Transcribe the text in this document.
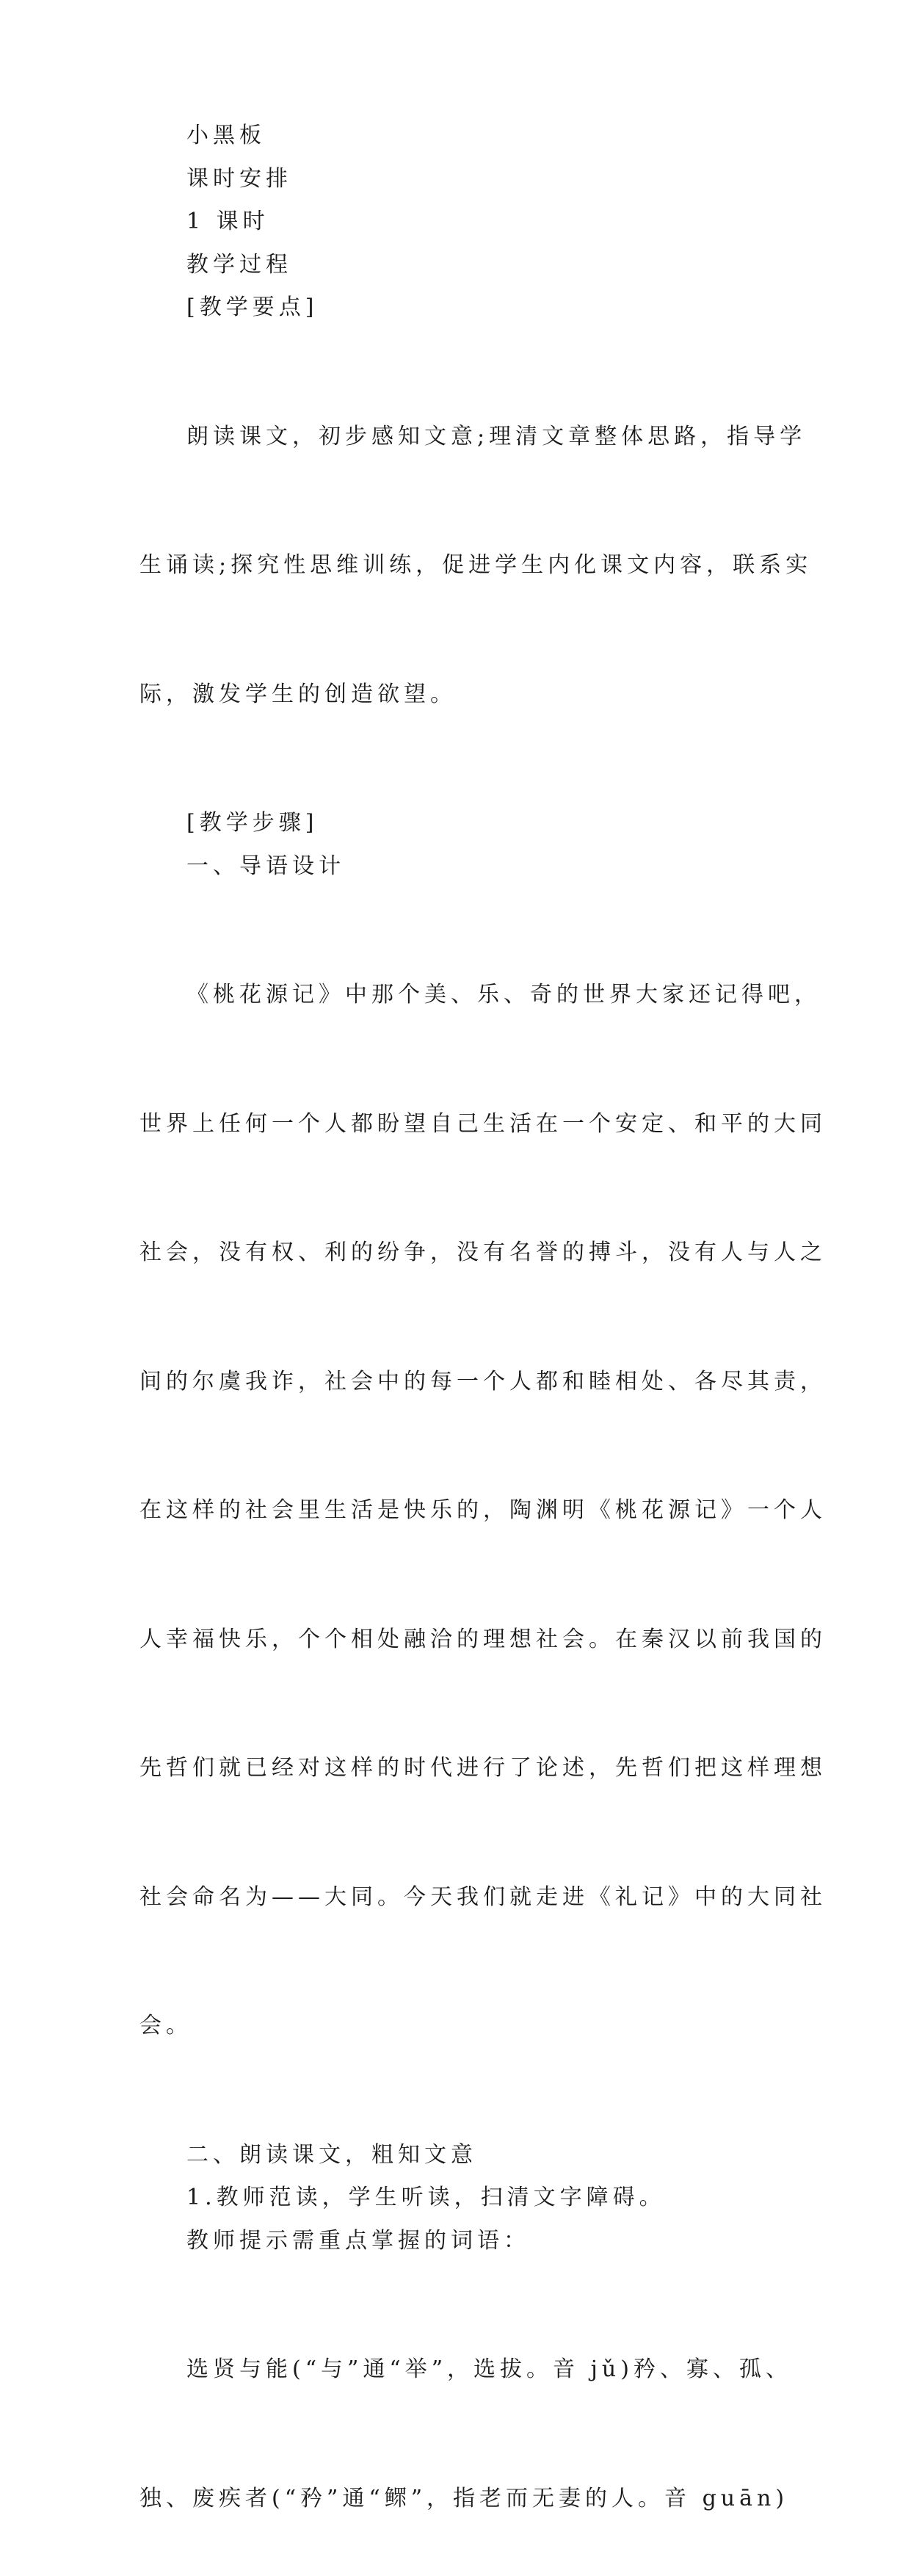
小黑板

课时安排

1 课时

教学过程

[教学要点]

朗读课文，初步感知文意;理清文章整体思路，指导学

生诵读;探究性思维训练，促进学生内化课文内容，联系实

际，激发学生的创造欲望。

[教学步骤]

一、导语设计

《桃花源记》中那个美、乐、奇的世界大家还记得吧，

世界上任何一个人都盼望自己生活在一个安定、和平的大同

社会，没有权、利的纷争，没有名誉的搏斗，没有人与人之

间的尔虞我诈，社会中的每一个人都和睦相处、各尽其责，

在这样的社会里生活是快乐的，陶渊明《桃花源记》一个人

人幸福快乐，个个相处融洽的理想社会。在秦汉以前我国的

先哲们就已经对这样的时代进行了论述，先哲们把这样理想

社会命名为——大同。今天我们就走进《礼记》中的大同社

会。

二、朗读课文，粗知文意

1.教师范读，学生听读，扫清文字障碍。

教师提示需重点掌握的词语：

选贤与能(“与”通“举”，选拔。音 jǔ)矜、寡、孤、

独、废疾者(“矜”通“鳏”，指老而无妻的人。音 guān)
